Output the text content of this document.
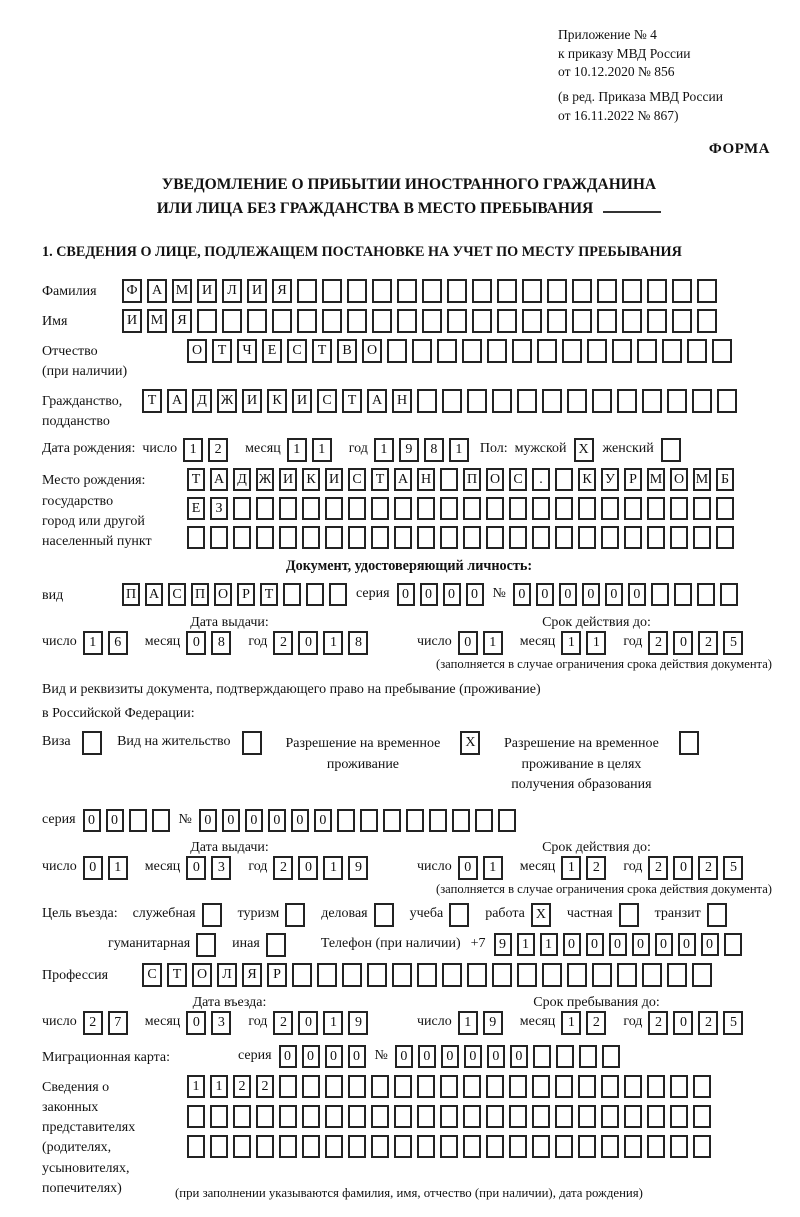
Приложение № 4
к приказу МВД России
от 10.12.2020 № 856
(в ред. Приказа МВД России
от 16.11.2022 № 867)
ФОРМА
УВЕДОМЛЕНИЕ О ПРИБЫТИИ ИНОСТРАННОГО ГРАЖДАНИНА
ИЛИ ЛИЦА БЕЗ ГРАЖДАНСТВА В МЕСТО ПРЕБЫВАНИЯ
1. СВЕДЕНИЯ О ЛИЦЕ, ПОДЛЕЖАЩЕМ ПОСТАНОВКЕ НА УЧЕТ ПО МЕСТУ ПРЕБЫВАНИЯ
Фамилия	Ф А М И Л И Я
Имя	И М Я
Отчество
(при наличии)
О Т Ч Е С Т В О
Гражданство,
подданство
Т А Д Ж И К И С Т А Н
Дата рождения: число 1 2 месяц 1 1 год 1 9 8 1	Пол: мужской X женский
Место рождения:
государство
город или другой
населенный пункт
Т А Д Ж И К И С Т А Н	П О С .	К У Р М О М Б
Е З
Документ, удостоверяющий личность:
вид	П А С П О Р Т	серия 0 0 0 0	№ 0 0 0 0 0 0
Дата выдачи:	Срок действия до:
число 1 6 месяц 0 8 год 2 0 1 8	число 0 1 месяц 1 1 год 2 0 2 5
(заполняется в случае ограничения срока действия документа)
Вид и реквизиты документа, подтверждающего право на пребывание (проживание)
в Российской Федерации:
Виза	Вид на жительство	Разрешение на временное проживание X	Разрешение на временное проживание в целях получения образования
серия 0 0	№ 0 0 0 0 0 0
Дата выдачи:	Срок действия до:
число 0 1 месяц 0 3 год 2 0 1 9	число 0 1 месяц 1 2 год 2 0 2 5
(заполняется в случае ограничения срока действия документа)
Цель въезда:	служебная	туризм	деловая	учеба	работа X частная	транзит
гуманитарная	иная	Телефон (при наличии) +7 9 1 1 0 0 0 0 0 0 0
Профессия	С Т О Л Я Р
Дата въезда:	Срок пребывания до:
число 2 7 месяц 0 3 год 2 0 1 9	число 1 9 месяц 1 2 год 2 0 2 5
Миграционная карта:	серия 0 0 0 0	№ 0 0 0 0 0 0
Сведения о
законных
представителях
(родителях,
усыновителях,
попечителях)
1 1 2 2
(при заполнении указываются фамилия, имя, отчество (при наличии), дата рождения)
